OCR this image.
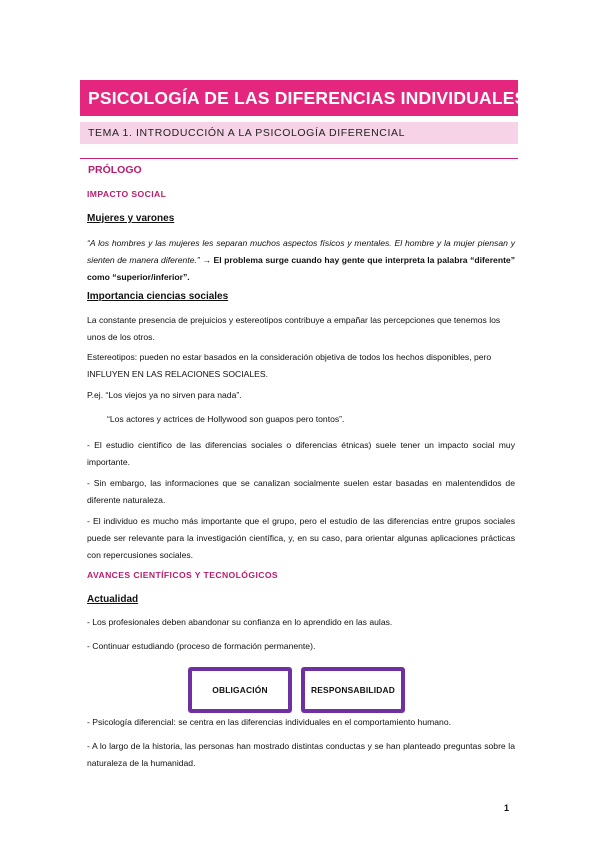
PSICOLOGÍA DE LAS DIFERENCIAS INDIVIDUALES
TEMA 1. INTRODUCCIÓN A LA PSICOLOGÍA DIFERENCIAL
PRÓLOGO
IMPACTO SOCIAL
Mujeres y varones
“A los hombres y las mujeres les separan muchos aspectos físicos y mentales. El hombre y la mujer piensan y sienten de manera diferente.” → El problema surge cuando hay gente que interpreta la palabra “diferente” como “superior/inferior”.
Importancia ciencias sociales
La constante presencia de prejuicios y estereotipos contribuye a empañar las percepciones que tenemos los unos de los otros.
Estereotipos: pueden no estar basados en la consideración objetiva de todos los hechos disponibles, pero INFLUYEN EN LAS RELACIONES SOCIALES.
P.ej. “Los viejos ya no sirven para nada”.
“Los actores y actrices de Hollywood son guapos pero tontos”.
- El estudio científico de las diferencias sociales o diferencias étnicas) suele tener un impacto social muy importante.
- Sin embargo, las informaciones que se canalizan socialmente suelen estar basadas en malentendidos de diferente naturaleza.
- El individuo es mucho más importante que el grupo, pero el estudio de las diferencias entre grupos sociales puede ser relevante para la investigación científica, y, en su caso, para orientar algunas aplicaciones prácticas con repercusiones sociales.
AVANCES CIENTÍFICOS Y TECNOLÓGICOS
Actualidad
- Los profesionales deben abandonar su confianza en lo aprendido en las aulas.
- Continuar estudiando (proceso de formación permanente).
OBLIGACIÓN	RESPONSABILIDAD
- Psicología diferencial: se centra en las diferencias individuales en el comportamiento humano.
- A lo largo de la historia, las personas han mostrado distintas conductas y se han planteado preguntas sobre la naturaleza de la humanidad.
1
